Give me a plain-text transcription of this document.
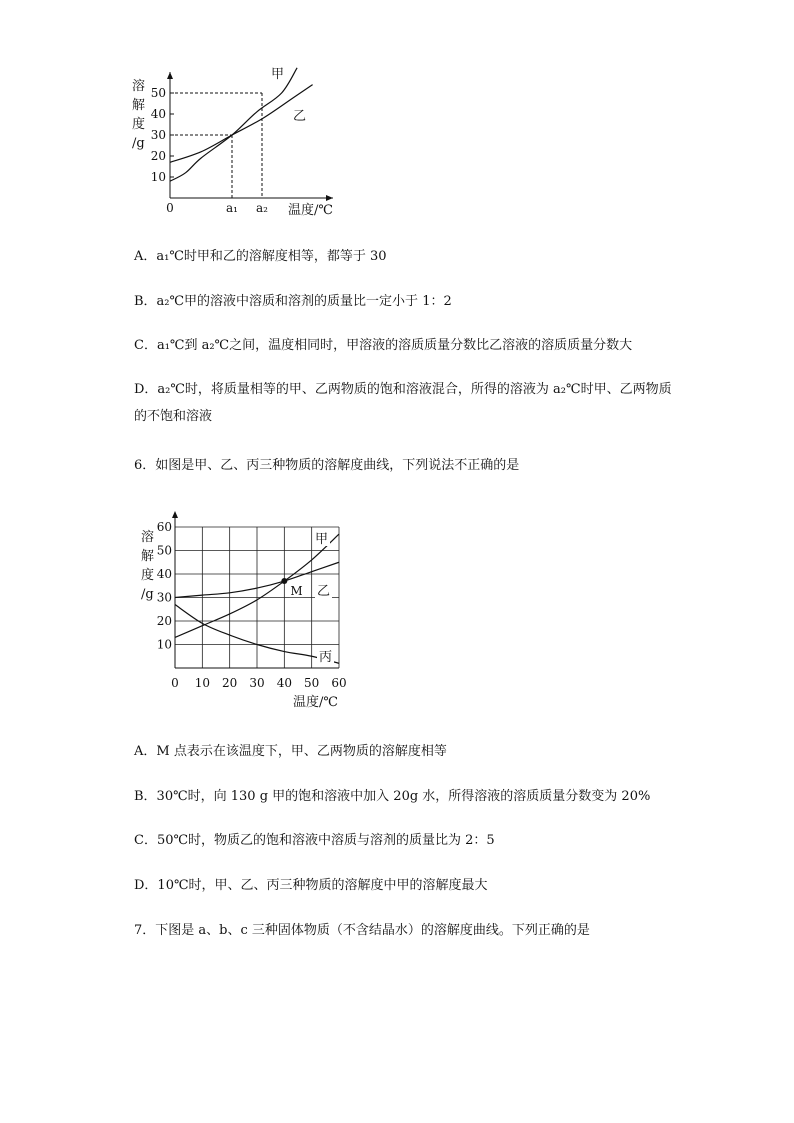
溶
解
度
/g
温度/℃
10
20
30
40
50
0	a₁ a₂
甲
乙
A．a₁℃时甲和乙的溶解度相等，都等于 30
B．a₂℃甲的溶液中溶质和溶剂的质量比一定小于 1：2
C．a₁℃到 a₂℃之间，温度相同时，甲溶液的溶质质量分数比乙溶液的溶质质量分数大
D．a₂℃时，将质量相等的甲、乙两物质的饱和溶液混合，所得的溶液为 a₂℃时甲、乙两物质的不饱和溶液
6．如图是甲、乙、丙三种物质的溶解度曲线，下列说法不正确的是
溶
解
度
/g
温度/℃
10
20
30
40
50
60
0 10 20 30 40 50 60
甲
乙
丙
M
A．M 点表示在该温度下，甲、乙两物质的溶解度相等
B．30℃时，向 130 g 甲的饱和溶液中加入 20g 水，所得溶液的溶质质量分数变为 20%
C．50℃时，物质乙的饱和溶液中溶质与溶剂的质量比为 2：5
D．10℃时，甲、乙、丙三种物质的溶解度中甲的溶解度最大
7．下图是 a、b、c 三种固体物质（不含结晶水）的溶解度曲线。下列正确的是
